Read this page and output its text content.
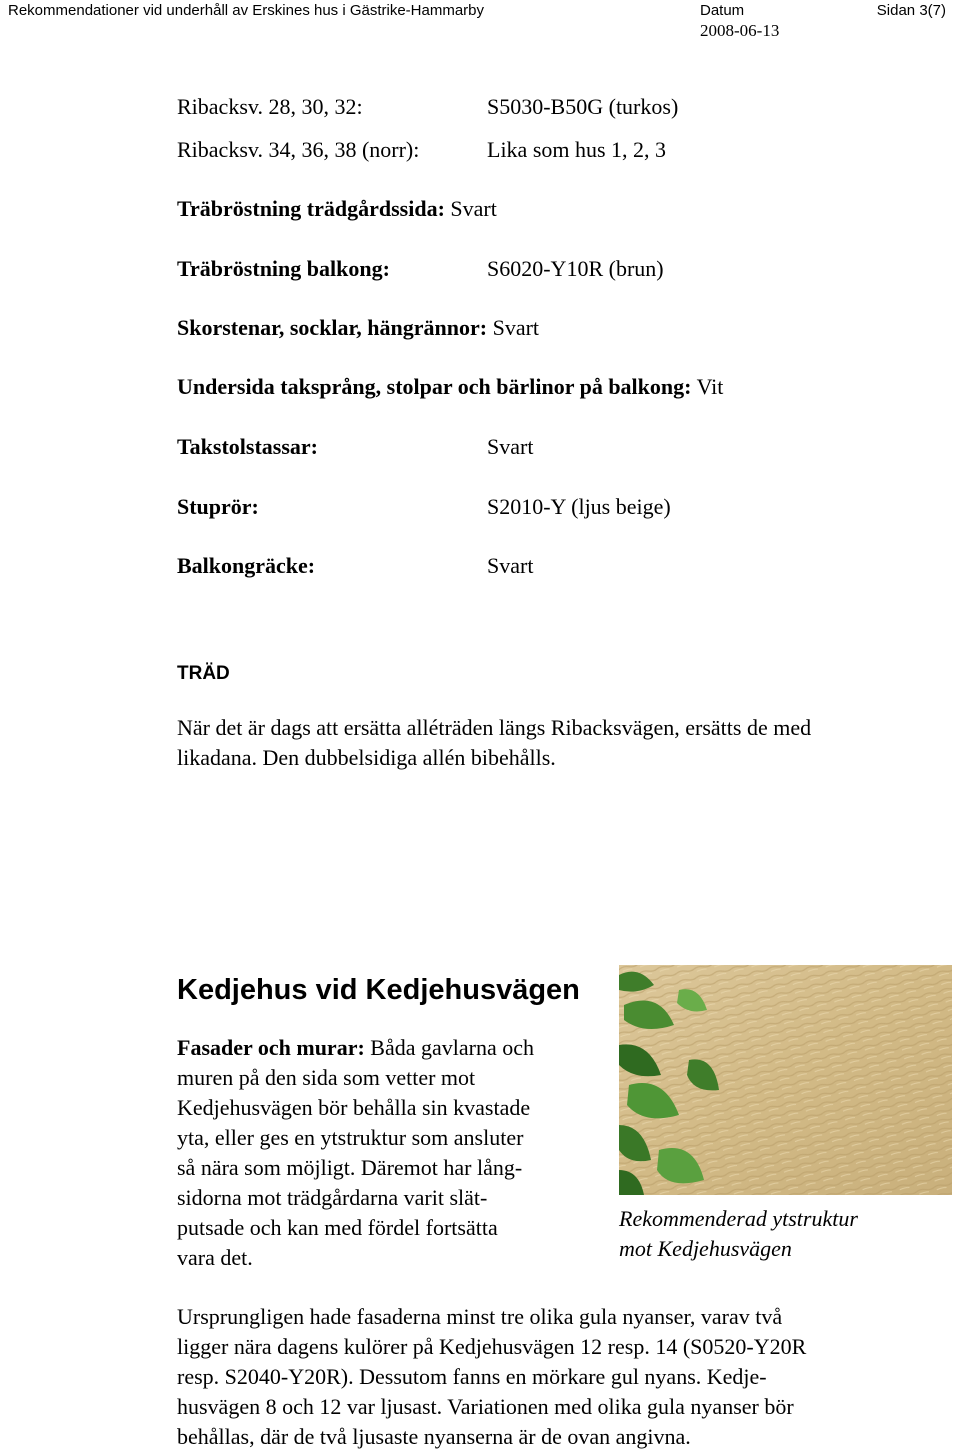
Rekommendationer vid underhåll av Erskines hus i Gästrike-Hammarby	Datum
2008-06-13
Sidan 3(7)
Ribacksv. 28, 30, 32:	S5030-B50G (turkos)
Ribacksv. 34, 36, 38 (norr):	Lika som hus 1, 2, 3
Träbröstning trädgårdssida: Svart
Träbröstning balkong:	S6020-Y10R (brun)
Skorstenar, socklar, hängrännor: Svart
Undersida taksprång, stolpar och bärlinor på balkong: Vit
Takstolstassar:	Svart
Stuprör:	S2010-Y (ljus beige)
Balkongräcke:	Svart
TRÄD
När det är dags att ersätta alléträden längs Ribacksvägen, ersätts de med
likadana. Den dubbelsidiga allén bibehålls.
Kedjehus vid Kedjehusvägen
Fasader och murar: Båda gavlarna och
muren på den sida som vetter mot
Kedjehusvägen bör behålla sin kvastade
yta, eller ges en ytstruktur som ansluter
så nära som möjligt. Däremot har lång-
sidorna mot trädgårdarna varit slät-
putsade och kan med fördel fortsätta
vara det.
Rekommenderad ytstruktur
mot Kedjehusvägen
Ursprungligen hade fasaderna minst tre olika gula nyanser, varav två
ligger nära dagens kulörer på Kedjehusvägen 12 resp. 14 (S0520-Y20R
resp. S2040-Y20R). Dessutom fanns en mörkare gul nyans. Kedje-
husvägen 8 och 12 var ljusast. Variationen med olika gula nyanser bör
behållas, där de två ljusaste nyanserna är de ovan angivna.
